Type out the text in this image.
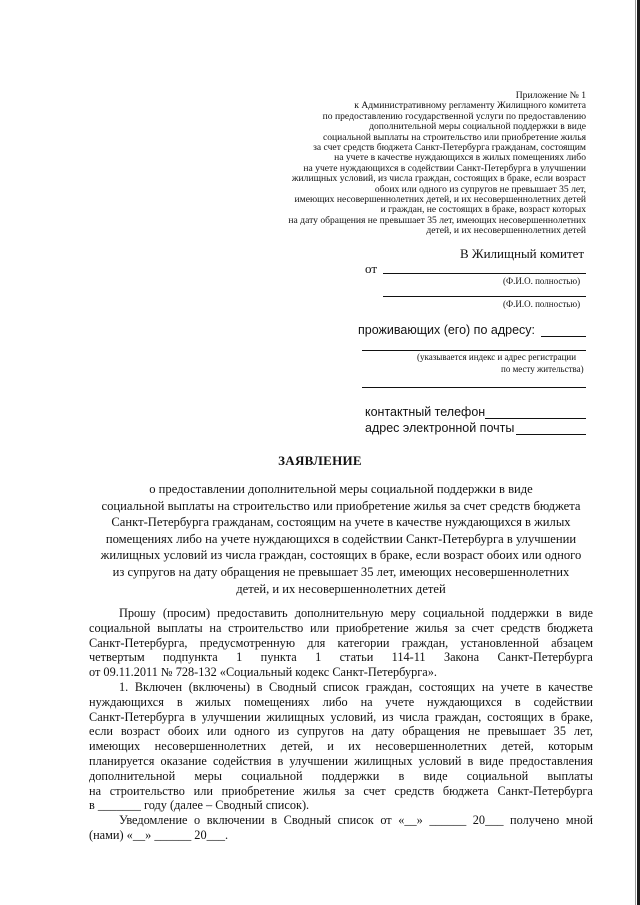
Приложение № 1
к Административному регламенту Жилищного комитета
по предоставлению государственной услуги по предоставлению
дополнительной меры социальной поддержки в виде
социальной выплаты на строительство или приобретение жилья
за счет средств бюджета Санкт-Петербурга гражданам, состоящим
на учете в качестве нуждающихся в жилых помещениях либо
на учете нуждающихся в содействии Санкт-Петербурга в улучшении
жилищных условий, из числа граждан, состоящих в браке, если возраст
обоих или одного из супругов не превышает 35 лет,
имеющих несовершеннолетних детей, и их несовершеннолетних детей
и граждан, не состоящих в браке, возраст которых
на дату обращения не превышает 35 лет, имеющих несовершеннолетних
детей, и их несовершеннолетних детей
В Жилищный комитет
от
(Ф.И.О. полностью)
(Ф.И.О. полностью)
проживающих (его) по адресу:
(указывается индекс и адрес регистрации
по месту жительства)
контактный телефон
адрес электронной почты
ЗАЯВЛЕНИЕ
о предоставлении дополнительной меры социальной поддержки в виде
социальной выплаты на строительство или приобретение жилья за счет средств бюджета
Санкт-Петербурга гражданам, состоящим на учете в качестве нуждающихся в жилых
помещениях либо на учете нуждающихся в содействии Санкт-Петербурга в улучшении
жилищных условий из числа граждан, состоящих в браке, если возраст обоих или одного
из супругов на дату обращения не превышает 35 лет, имеющих несовершеннолетних
детей, и их несовершеннолетних детей
Прошу (просим) предоставить дополнительную меру социальной поддержки в виде
социальной выплаты на строительство или приобретение жилья за счет средств бюджета
Санкт-Петербурга, предусмотренную для категории граждан, установленной абзацем
четвертым подпункта 1 пункта 1 статьи 114-11 Закона Санкт-Петербурга
от 09.11.2011 № 728-132 «Социальный кодекс Санкт-Петербурга».
1. Включен (включены) в Сводный список граждан, состоящих на учете в качестве
нуждающихся в жилых помещениях либо на учете нуждающихся в содействии
Санкт-Петербурга в улучшении жилищных условий, из числа граждан, состоящих в браке,
если возраст обоих или одного из супругов на дату обращения не превышает 35 лет,
имеющих несовершеннолетних детей, и их несовершеннолетних детей, которым
планируется оказание содействия в улучшении жилищных условий в виде предоставления
дополнительной меры социальной поддержки в виде социальной выплаты
на строительство или приобретение жилья за счет средств бюджета Санкт-Петербурга
в _______ году (далее – Сводный список).
Уведомление о включении в Сводный список от «__» ______ 20___ получено мной
(нами) «__» ______ 20___.
